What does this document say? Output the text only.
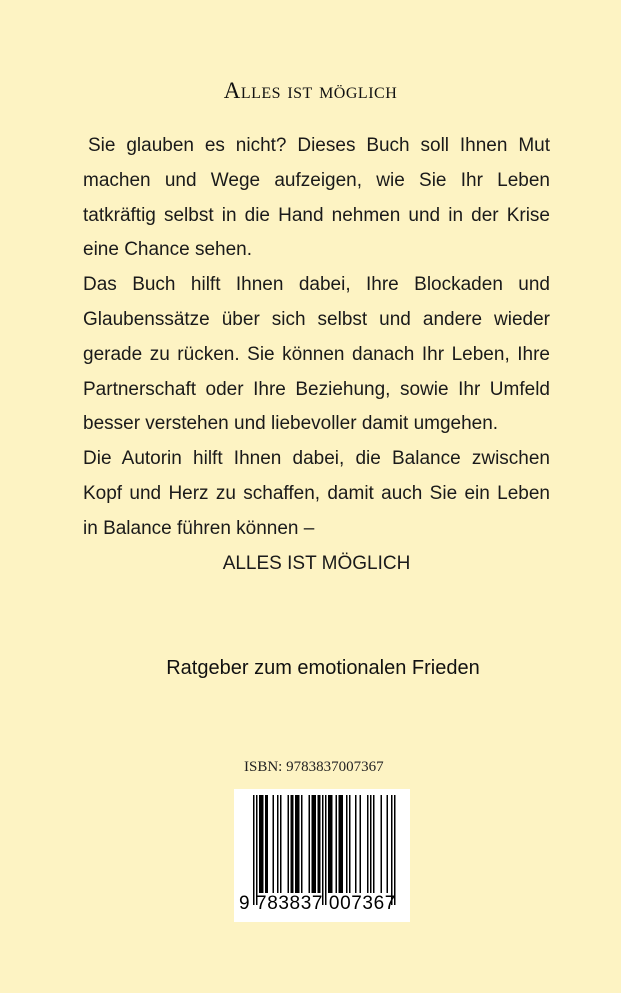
Alles ist möglich

Sie glauben es nicht? Dieses Buch soll Ihnen Mut machen und Wege aufzeigen, wie Sie Ihr Leben tatkräftig selbst in die Hand nehmen und in der Krise eine Chance sehen.

Das Buch hilft Ihnen dabei, Ihre Blockaden und Glaubenssätze über sich selbst und andere wieder gerade zu rücken. Sie können danach Ihr Leben, Ihre Partnerschaft oder Ihre Beziehung, sowie Ihr Umfeld besser verstehen und liebevoller damit umgehen.

Die Autorin hilft Ihnen dabei, die Balance zwischen Kopf und Herz zu schaffen, damit auch Sie ein Leben in Balance führen können –

ALLES IST MÖGLICH

Ratgeber zum emotionalen Frieden
ISBN: 9783837007367
9 783837 007367
